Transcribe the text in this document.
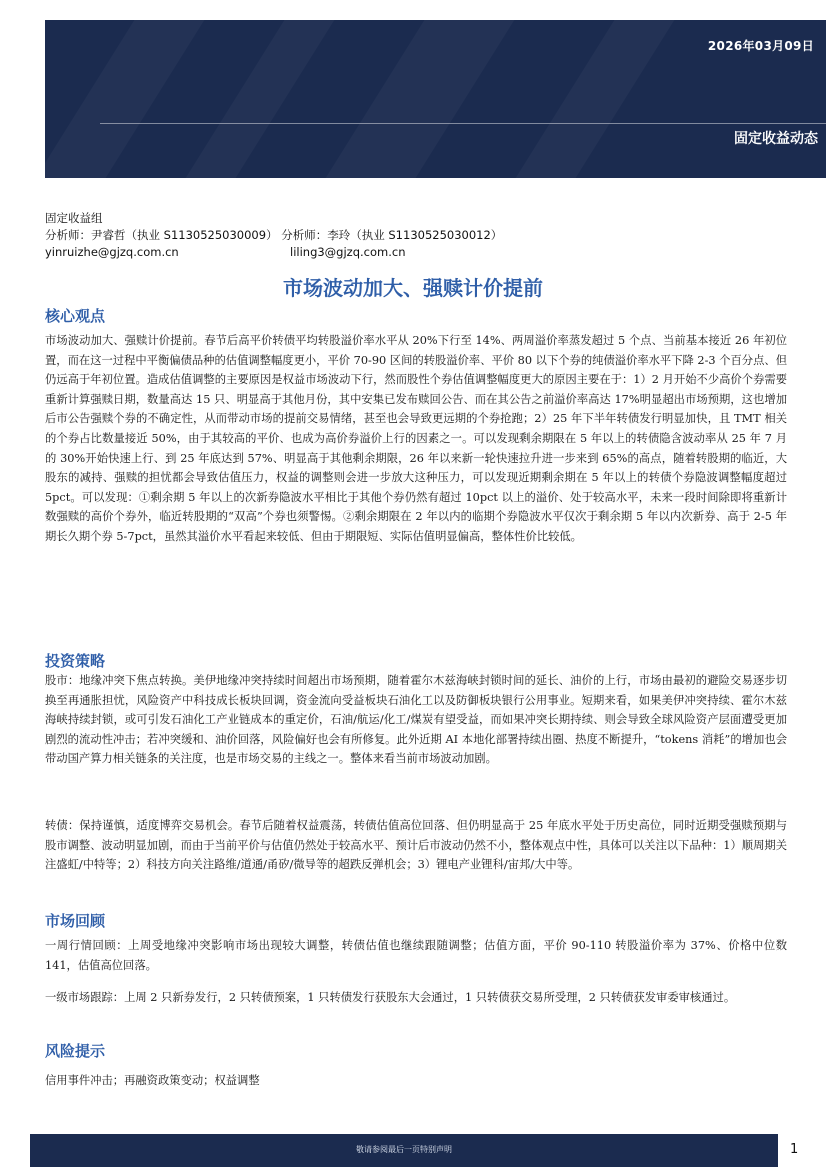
2026年03月09日
固定收益动态
固定收益组
分析师：尹睿哲（执业 S1130525030009） 分析师：李玲（执业 S1130525030012）
yinruizhe@gjzq.com.cn	liling3@gjzq.com.cn
市场波动加大、强赎计价提前
核心观点

市场波动加大、强赎计价提前。春节后高平价转债平均转股溢价率水平从 20%下行至 14%、两周溢价率蒸发超过 5 个点、当前基本接近 26 年初位置，而在这一过程中平衡偏债品种的估值调整幅度更小，平价 70-90 区间的转股溢价率、平价 80 以下个券的纯债溢价率水平下降 2-3 个百分点、但仍远高于年初位置。造成估值调整的主要原因是权益市场波动下行，然而股性个券估值调整幅度更大的原因主要在于：1）2 月开始不少高价个券需要重新计算强赎日期，数量高达 15 只、明显高于其他月份，其中安集已发布赎回公告、而在其公告之前溢价率高达 17%明显超出市场预期，这也增加后市公告强赎个券的不确定性，从而带动市场的提前交易情绪，甚至也会导致更远期的个券抢跑；2）25 年下半年转债发行明显加快，且 TMT 相关的个券占比数量接近 50%，由于其较高的平价、也成为高价券溢价上行的因素之一。可以发现剩余期限在 5 年以上的转债隐含波动率从 25 年 7 月的 30%开始快速上行、到 25 年底达到 57%、明显高于其他剩余期限，26 年以来新一轮快速拉升进一步来到 65%的高点，随着转股期的临近，大股东的减持、强赎的担忧都会导致估值压力，权益的调整则会进一步放大这种压力，可以发现近期剩余期在 5 年以上的转债个券隐波调整幅度超过 5pct。可以发现：①剩余期 5 年以上的次新券隐波水平相比于其他个券仍然有超过 10pct 以上的溢价、处于较高水平，未来一段时间除即将重新计数强赎的高价个券外，临近转股期的“双高”个券也须警惕。②剩余期限在 2 年以内的临期个券隐波水平仅次于剩余期 5 年以内次新券、高于 2-5 年期长久期个券 5-7pct，虽然其溢价水平看起来较低、但由于期限短、实际估值明显偏高，整体性价比较低。

投资策略

股市：地缘冲突下焦点转换。美伊地缘冲突持续时间超出市场预期，随着霍尔木兹海峡封锁时间的延长、油价的上行，市场由最初的避险交易逐步切换至再通胀担忧，风险资产中科技成长板块回调，资金流向受益板块石油化工以及防御板块银行公用事业。短期来看，如果美伊冲突持续、霍尔木兹海峡持续封锁，或可引发石油化工产业链成本的重定价，石油/航运/化工/煤炭有望受益，而如果冲突长期持续、则会导致全球风险资产层面遭受更加剧烈的流动性冲击；若冲突缓和、油价回落，风险偏好也会有所修复。此外近期 AI 本地化部署持续出圈、热度不断提升，“tokens 消耗”的增加也会带动国产算力相关链条的关注度，也是市场交易的主线之一。整体来看当前市场波动加剧。

转债：保持谨慎，适度博弈交易机会。春节后随着权益震荡，转债估值高位回落、但仍明显高于 25 年底水平处于历史高位，同时近期受强赎预期与股市调整、波动明显加剧，而由于当前平价与估值仍然处于较高水平、预计后市波动仍然不小，整体观点中性，具体可以关注以下品种：1）顺周期关注盛虹/中特等；2）科技方向关注路维/道通/甬矽/微导等的超跌反弹机会；3）锂电产业锂科/宙邦/大中等。

市场回顾

一周行情回顾：上周受地缘冲突影响市场出现较大调整，转债估值也继续跟随调整；估值方面，平价 90-110 转股溢价率为 37%、价格中位数 141，估值高位回落。

一级市场跟踪：上周 2 只新券发行，2 只转债预案，1 只转债发行获股东大会通过，1 只转债获交易所受理，2 只转债获发审委审核通过。

风险提示

信用事件冲击；再融资政策变动；权益调整

敬请参阅最后一页特别声明	1
